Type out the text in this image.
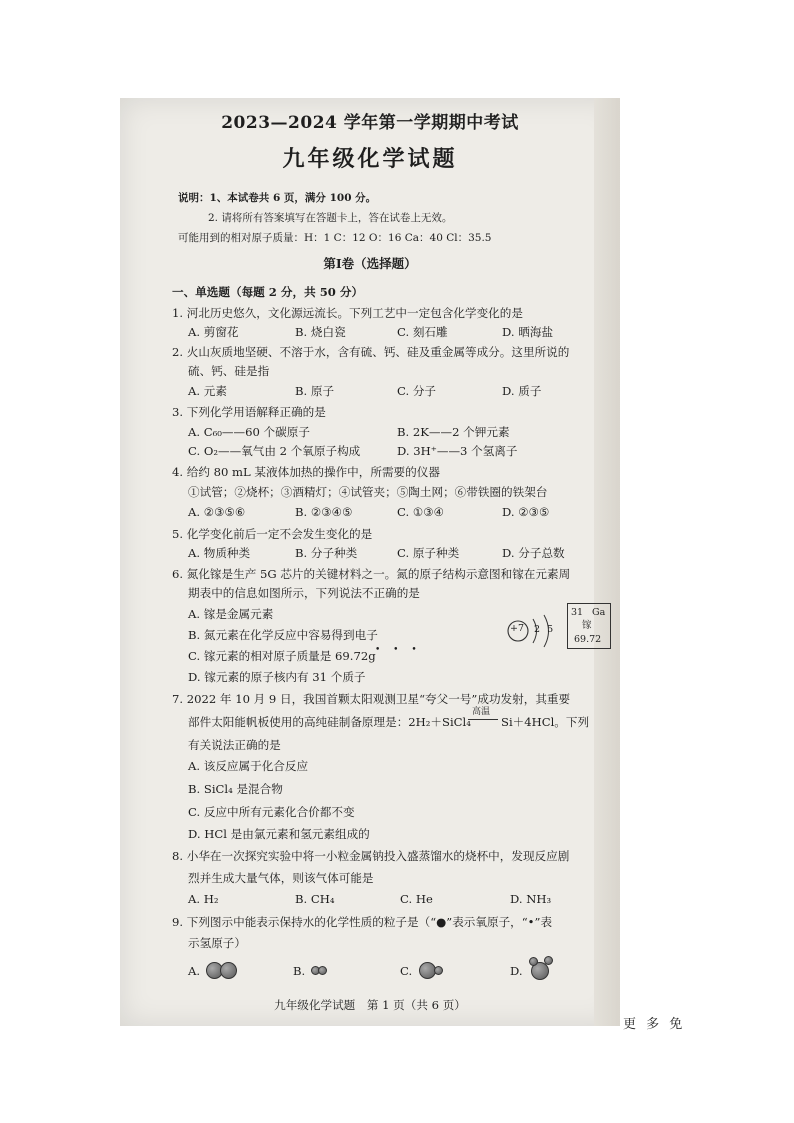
2023—2024 学年第一学期期中考试
九年级化学试题
说明：1、本试卷共 6 页，满分 100 分。
2. 请将所有答案填写在答题卡上，答在试卷上无效。
可能用到的相对原子质量：H：1 C：12 O：16 Ca：40 Cl：35.5
第Ⅰ卷（选择题）
一、单选题（每题 2 分，共 50 分）
1. 河北历史悠久，文化源远流长。下列工艺中一定包含化学变化的是
A. 剪窗花	B. 烧白瓷	C. 刻石雕	D. 晒海盐
2. 火山灰质地坚硬、不溶于水，含有硫、钙、硅及重金属等成分。这里所说的
硫、钙、硅是指
A. 元素	B. 原子	C. 分子	D. 质子
3. 下列化学用语解释正确的是
A. C₆₀——60 个碳原子	B. 2K——2 个钾元素
C. O₂——氧气由 2 个氧原子构成	D. 3H⁺——3 个氢离子
4. 给约 80 mL 某液体加热的操作中，所需要的仪器
①试管；②烧杯；③酒精灯；④试管夹；⑤陶土网；⑥带铁圈的铁架台
A. ②③⑤⑥	B. ②③④⑤	C. ①③④	D. ②③⑤
5. 化学变化前后一定不会发生变化的是
A. 物质种类	B. 分子种类	C. 原子种类	D. 分子总数
6. 氮化镓是生产 5G 芯片的关键材料之一。氮的原子结构示意图和镓在元素周
期表中的信息如图所示，下列说法不正确的是
• • •
A. 镓是金属元素
B. 氮元素在化学反应中容易得到电子
C. 镓元素的相对原子质量是 69.72g
D. 镓元素的原子核内有 31 个质子
+7 2 5
31 Ga
镓
69.72
7. 2022 年 10 月 9 日，我国首颗太阳观测卫星“夸父一号”成功发射，其重要
部件太阳能帆板使用的高纯硅制备原理是：2H₂＋SiCl₄
高温
Si＋4HCl。下列
有关说法正确的是
A. 该反应属于化合反应
B. SiCl₄ 是混合物
C. 反应中所有元素化合价都不变
D. HCl 是由氯元素和氢元素组成的
8. 小华在一次探究实验中将一小粒金属钠投入盛蒸馏水的烧杯中，发现反应剧
烈并生成大量气体，则该气体可能是
A. H₂	B. CH₄	C. He	D. NH₃
9. 下列图示中能表示保持水的化学性质的粒子是（“●”表示氧原子，“•”表
示氢原子）
A.	B.	C.	D.
九年级化学试题　第 1 页（共 6 页）
更 多 免
